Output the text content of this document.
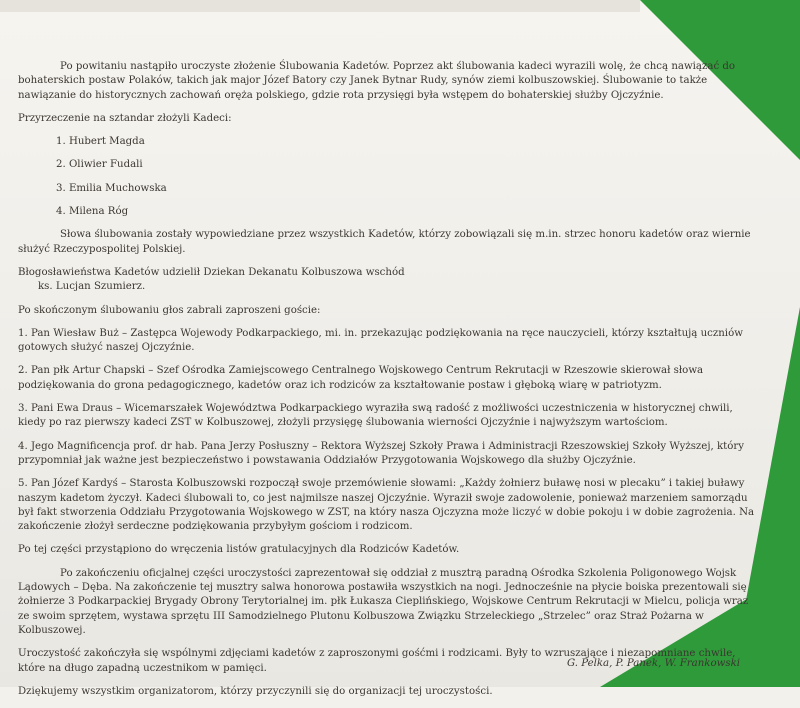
Po powitaniu nastąpiło uroczyste złożenie Ślubowania Kadetów. Poprzez akt ślubowania kadeci wyrazili wolę, że chcą nawiązać do bohaterskich postaw Polaków, takich jak major Józef Batory czy Janek Bytnar Rudy, synów ziemi kolbuszowskiej. Ślubowanie to także nawiązanie do historycznych zachowań oręża polskiego, gdzie rota przysięgi była wstępem do bohaterskiej służby Ojczyźnie.

Przyrzeczenie na sztandar złożyli Kadeci:

1. Hubert Magda
2. Oliwier Fudali
3. Emilia Muchowska
4. Milena Róg

Słowa ślubowania zostały wypowiedziane przez wszystkich Kadetów, którzy zobowiązali się m.in. strzec honoru kadetów oraz wiernie służyć Rzeczypospolitej Polskiej.

Błogosławieństwa Kadetów udzielił Dziekan Dekanatu Kolbuszowa wschód
ks. Lucjan Szumierz.

Po skończonym ślubowaniu głos zabrali zaproszeni goście:

1. Pan Wiesław Buż – Zastępca Wojewody Podkarpackiego, mi. in. przekazując podziękowania na ręce nauczycieli, którzy kształtują uczniów gotowych służyć naszej Ojczyźnie.

2. Pan płk Artur Chapski – Szef Ośrodka Zamiejscowego Centralnego Wojskowego Centrum Rekrutacji w Rzeszowie skierował słowa podziękowania do grona pedagogicznego, kadetów oraz ich rodziców za kształtowanie postaw i głęboką wiarę w patriotyzm.

3. Pani Ewa Draus – Wicemarszałek Województwa Podkarpackiego wyraziła swą radość z możliwości uczestniczenia w historycznej chwili, kiedy po raz pierwszy kadeci ZST w Kolbuszowej, złożyli przysięgę ślubowania wierności Ojczyźnie i najwyższym wartościom.

4. Jego Magnificencja prof. dr hab. Pana Jerzy Posłuszny – Rektora Wyższej Szkoły Prawa i Administracji Rzeszowskiej Szkoły Wyższej, który przypomniał jak ważne jest bezpieczeństwo i powstawania Oddziałów Przygotowania Wojskowego dla służby Ojczyźnie.

5. Pan Józef Kardyś – Starosta Kolbuszowski rozpoczął swoje przemówienie słowami: „Każdy żołnierz buławę nosi w plecaku” i takiej buławy naszym kadetom życzył. Kadeci ślubowali to, co jest najmilsze naszej Ojczyźnie. Wyraził swoje zadowolenie, ponieważ marzeniem samorządu był fakt stworzenia Oddziału Przygotowania Wojskowego w ZST, na który nasza Ojczyzna może liczyć w dobie pokoju i w dobie zagrożenia. Na zakończenie złożył serdeczne podziękowania przybyłym gościom i rodzicom.

Po tej części przystąpiono do wręczenia listów gratulacyjnych dla Rodziców Kadetów.

Po zakończeniu oficjalnej części uroczystości zaprezentował się oddział z musztrą paradną Ośrodka Szkolenia Poligonowego Wojsk Lądowych – Dęba. Na zakończenie tej musztry salwa honorowa postawiła wszystkich na nogi. Jednocześnie na płycie boiska prezentowali się żołnierze 3 Podkarpackiej Brygady Obrony Terytorialnej im. płk Łukasza Cieplińskiego, Wojskowe Centrum Rekrutacji w Mielcu, policja wraz ze swoim sprzętem, wystawa sprzętu III Samodzielnego Plutonu Kolbuszowa Związku Strzeleckiego „Strzelec” oraz Straż Pożarna w Kolbuszowej.

Uroczystość zakończyła się wspólnymi zdjęciami kadetów z zaproszonymi gośćmi i rodzicami. Były to wzruszające i niezapomniane chwile, które na długo zapadną uczestnikom w pamięci.

Dziękujemy wszystkim organizatorom, którzy przyczynili się do organizacji tej uroczystości.

G. Pelka, P. Panek, W. Frankowski
